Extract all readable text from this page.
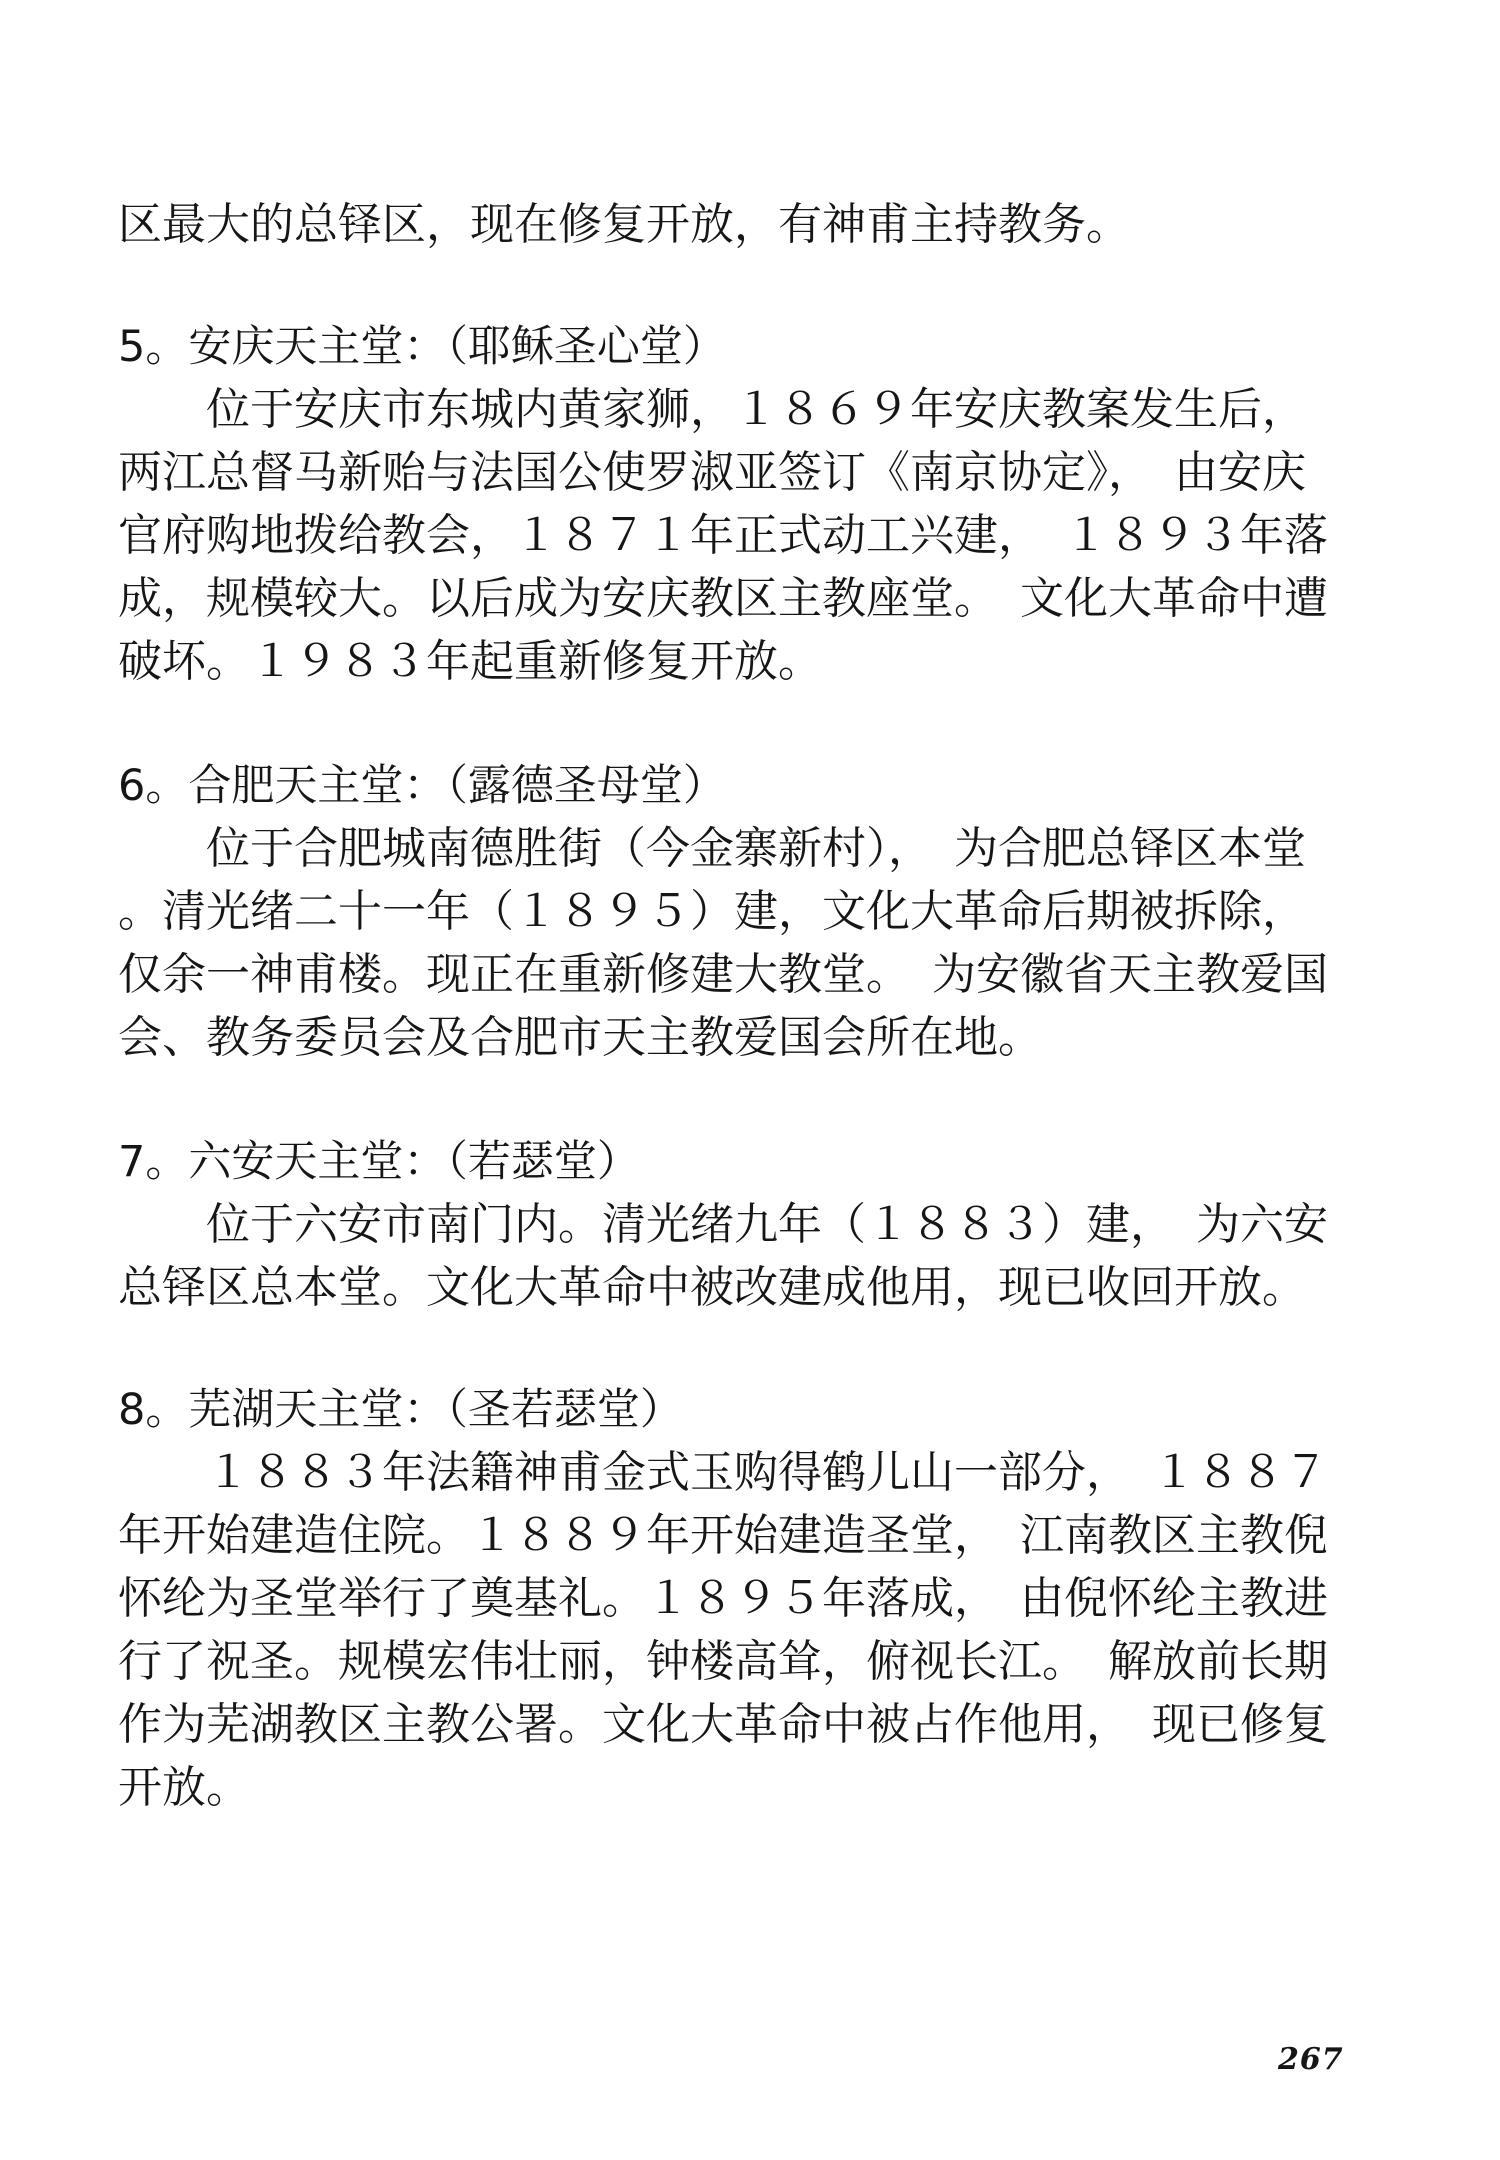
区最大的总铎区，现在修复开放，有神甫主持教务。
5。安庆天主堂：（耶稣圣心堂）
　　位于安庆市东城内黄家狮，１８６９年安庆教案发生后，
两江总督马新贻与法国公使罗淑亚签订《南京协定》，　由安庆
官府购地拨给教会，１８７１年正式动工兴建，　１８９３年落
成，规模较大。以后成为安庆教区主教座堂。　文化大革命中遭
破坏。１９８３年起重新修复开放。
6。合肥天主堂：（露德圣母堂）
　　位于合肥城南德胜街（今金寨新村），　为合肥总铎区本堂
。清光绪二十一年（１８９５）建，文化大革命后期被拆除，
仅余一神甫楼。现正在重新修建大教堂。　为安徽省天主教爱国
会、教务委员会及合肥市天主教爱国会所在地。
7。六安天主堂：（若瑟堂）
　　位于六安市南门内。清光绪九年（１８８３）建，　为六安
总铎区总本堂。文化大革命中被改建成他用，现已收回开放。
8。芜湖天主堂：（圣若瑟堂）
　　１８８３年法籍神甫金式玉购得鹤儿山一部分，　１８８７
年开始建造住院。１８８９年开始建造圣堂，　江南教区主教倪
怀纶为圣堂举行了奠基礼。１８９５年落成，　由倪怀纶主教进
行了祝圣。规模宏伟壮丽，钟楼高耸，俯视长江。　解放前长期
作为芜湖教区主教公署。文化大革命中被占作他用，　现已修复
开放。
267
